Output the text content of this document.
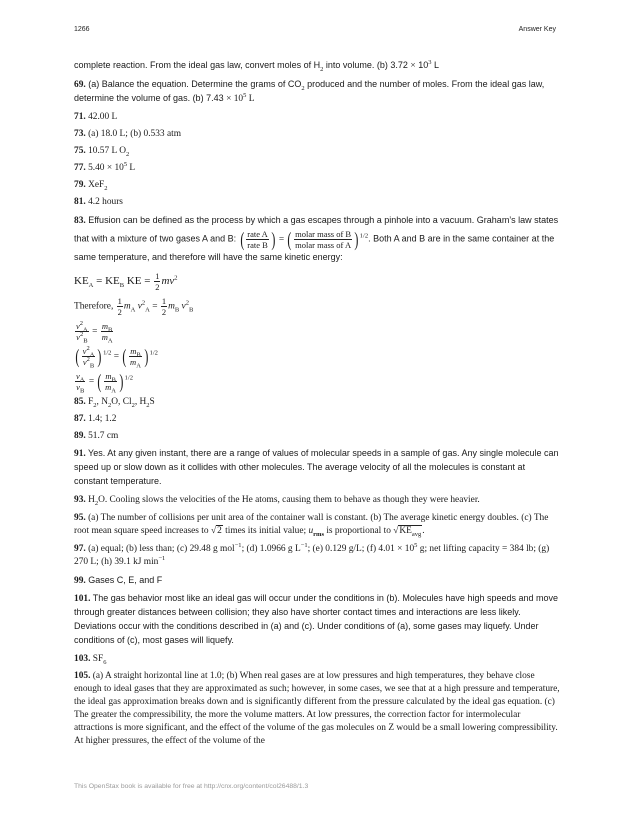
1266	Answer Key

complete reaction. From the ideal gas law, convert moles of $H_2$ into volume. (b) $3.72 \times 10^3$ L

69. (a) Balance the equation. Determine the grams of $CO_2$ produced and the number of moles. From the ideal gas law, determine the volume of gas. (b) $7.43 \times 10^5$ L

71. 42.00 L

73. (a) 18.0 L; (b) 0.533 atm

75. 10.57 L $O_2$

77. $5.40 \times 10^5$ L

79. XeF$_2$

81. 4.2 hours

83. Effusion can be defined as the process by which a gas escapes through a pinhole into a vacuum. Graham’s law states that with a mixture of two gases A and B: ( $\frac{\text{rate A}}{\text{rate B}}$ ) = ( $\frac{\text{molar mass of B}}{\text{molar mass of A}}$ ) $^{1/2}$. Both A and B are in the same container at the same temperature, and therefore will have the same kinetic energy:

$KE_A = KE_B$ KE = $\frac{1}{2} mv^2$
Therefore, $\frac{1}{2} m_A$ $v^2_A = \frac{1}{2} m_B$ $v^2_B$
$\frac{v^2_A}{v^2_B} = \frac{m_B}{m_A}$
( $\frac{v^2_A}{v^2_B}$ ) $^{1/2}$ = ( $\frac{m_B}{m_A}$ ) $^{1/2}$
$\frac{v_A}{v_B}$ = ( $\frac{m_B}{m_A}$ ) $^{1/2}$

85. $F_2$, $N_2O$, $Cl_2$, $H_2S$

87. 1.4; 1.2

89. 51.7 cm

91. Yes. At any given instant, there are a range of values of molecular speeds in a sample of gas. Any single molecule can speed up or slow down as it collides with other molecules. The average velocity of all the molecules is constant at constant temperature.

93. $H_2O$. Cooling slows the velocities of the He atoms, causing them to behave as though they were heavier.

95. (a) The number of collisions per unit area of the container wall is constant. (b) The average kinetic energy doubles. (c) The root mean square speed increases to √2 times its initial value; $u_{rms}$ is proportional to $√KE_{avg}$.

97. (a) equal; (b) less than; (c) 29.48 g mol$^{-1}$; (d) 1.0966 g $L^{-1}$; (e) 0.129 g/L; (f) $4.01 \times 10^5$ g; net lifting capacity = 384 lb; (g) 270 L; (h) 39.1 kJ $\min^{-1}$

99. Gases C, E, and F

101. The gas behavior most like an ideal gas will occur under the conditions in (b). Molecules have high speeds and move through greater distances between collision; they also have shorter contact times and interactions are less likely. Deviations occur with the conditions described in (a) and (c). Under conditions of (a), some gases may liquefy. Under conditions of (c), most gases will liquefy.

103. $SF_6$

105. (a) A straight horizontal line at 1.0; (b) When real gases are at low pressures and high temperatures, they behave close enough to ideal gases that they are approximated as such; however, in some cases, we see that at a high pressure and temperature, the ideal gas approximation breaks down and is significantly different from the pressure calculated by the ideal gas equation. (c) The greater the compressibility, the more the volume matters. At low pressures, the correction factor for intermolecular attractions is more significant, and the effect of the volume of the gas molecules on Z would be a small lowering compressibility. At higher pressures, the effect of the volume of the

This OpenStax book is available for free at http://cnx.org/content/col26488/1.3
